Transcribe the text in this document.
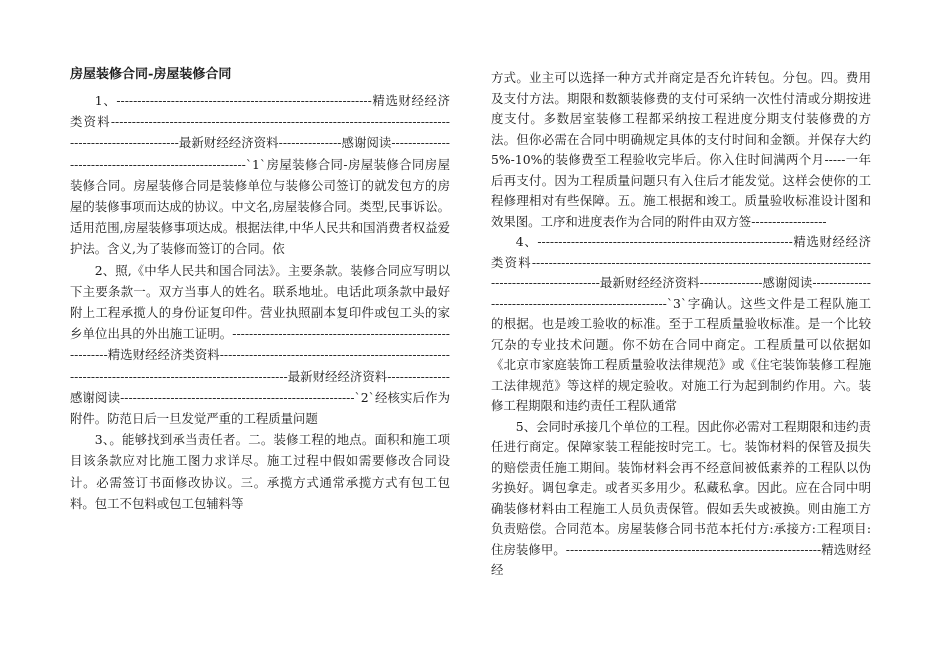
房屋装修合同-房屋装修合同

1、-------------------------------------------------------------精选财经经济类资料-----------------------------------------------------------------------------------------------------------最新财经经济资料---------------感谢阅读--------------------------------------------------------`1`房屋装修合同-房屋装修合同房屋装修合同。房屋装修合同是装修单位与装修公司签订的就发包方的房屋的装修事项而达成的协议。中文名,房屋装修合同。类型,民事诉讼。适用范围,房屋装修事项达成。根据法律,中华人民共和国消费者权益爱护法。含义,为了装修而签订的合同。依

2、照,《中华人民共和国合同法》。主要条款。装修合同应写明以下主要条款一。双方当事人的姓名。联系地址。电话此项条款中最好附上工程承揽人的身份证复印件。营业执照副本复印件或包工头的家乡单位出具的外出施工证明。-------------------------------------------------------------精选财经经济类资料-----------------------------------------------------------------------------------------------------------最新财经经济资料---------------感谢阅读--------------------------------------------------------`2`经核实后作为附件。防范日后一旦发觉严重的工程质量问题

3、。能够找到承当责任者。二。装修工程的地点。面积和施工项目该条款应对比施工图力求详尽。施工过程中假如需要修改合同设计。必需签订书面修改协议。三。承揽方式通常承揽方式有包工包料。包工不包料或包工包辅料等

方式。业主可以选择一种方式并商定是否允许转包。分包。四。费用及支付方法。期限和数额装修费的支付可采纳一次性付清或分期按进度支付。多数居室装修工程都采纳按工程进度分期支付装修费的方法。但你必需在合同中明确规定具体的支付时间和金额。并保存大约5%-10%的装修费至工程验收完毕后。你入住时间满两个月-----一年后再支付。因为工程质量问题只有入住后才能发觉。这样会使你的工程修理相对有些保障。五。施工根据和竣工。质量验收标准设计图和效果图。工序和进度表作为合同的附件由双方签------------------

4、-------------------------------------------------------------精选财经经济类资料-----------------------------------------------------------------------------------------------------------最新财经经济资料---------------感谢阅读--------------------------------------------------------`3`字确认。这些文件是工程队施工的根据。也是竣工验收的标准。至于工程质量验收标准。是一个比较冗杂的专业技术问题。你不妨在合同中商定。工程质量可以依据如《北京市家庭装饰工程质量验收法律规范》或《住宅装饰装修工程施工法律规范》等这样的规定验收。对施工行为起到制约作用。六。装修工程期限和违约责任工程队通常

5、会同时承接几个单位的工程。因此你必需对工程期限和违约责任进行商定。保障家装工程能按时完工。七。装饰材料的保管及损失的赔偿责任施工期间。装饰材料会再不经意间被低素养的工程队以伪劣换好。调包拿走。或者买多用少。私藏私拿。因此。应在合同中明确装修材料由工程施工人员负责保管。假如丢失或被换。则由施工方负责赔偿。合同范本。房屋装修合同书范本托付方:承接方:工程项目:住房装修甲。-------------------------------------------------------------精选财经经
